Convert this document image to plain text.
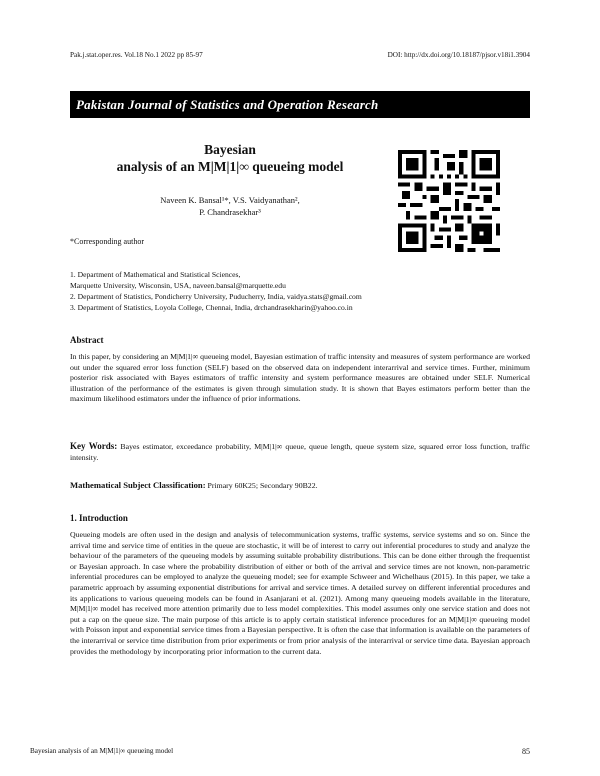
Pak.j.stat.oper.res. Vol.18 No.1 2022 pp 85-97	DOI: http://dx.doi.org/10.18187/pjsor.v18i1.3904
Pakistan Journal of Statistics and Operation Research
Bayesian
analysis of an M|M|1|∞ queueing model
Naveen K. Bansal¹*, V.S. Vaidyanathan²,
P. Chandrasekhar³
*Corresponding author
1. Department of Mathematical and Statistical Sciences,
Marquette University, Wisconsin, USA, naveen.bansal@marquette.edu
2. Department of Statistics, Pondicherry University, Puducherry, India, vaidya.stats@gmail.com
3. Department of Statistics, Loyola College, Chennai, India, drchandrasekharin@yahoo.co.in
Abstract
In this paper, by considering an M|M|1|∞ queueing model, Bayesian estimation of traffic intensity and measures of system performance are worked out under the squared error loss function (SELF) based on the observed data on independent interarrival and service times. Further, minimum posterior risk associated with Bayes estimators of traffic intensity and system performance measures are obtained under SELF. Numerical illustration of the performance of the estimates is given through simulation study. It is shown that Bayes estimators perform better than the maximum likelihood estimators under the influence of prior informations.
Key Words: Bayes estimator, exceedance probability, M|M|1|∞ queue, queue length, queue system size, squared error loss function, traffic intensity.
Mathematical Subject Classification: Primary 60K25; Secondary 90B22.
1. Introduction
Queueing models are often used in the design and analysis of telecommunication systems, traffic systems, service systems and so on. Since the arrival time and service time of entities in the queue are stochastic, it will be of interest to carry out inferential procedures to study and analyze the behaviour of the parameters of the queueing models by assuming suitable probability distributions. This can be done either through the frequentist or Bayesian approach. In case where the probability distribution of either or both of the arrival and service times are not known, non-parametric inferential procedures can be employed to analyze the queueing model; see for example Schweer and Wichelhaus (2015). In this paper, we take a parametric approach by assuming exponential distributions for arrival and service times. A detailed survey on different inferential procedures and its applications to various queueing models can be found in Asanjarani et al. (2021). Among many queueing models available in the literature, M|M|1|∞ model has received more attention primarily due to less model complexities. This model assumes only one service station and does not put a cap on the queue size. The main purpose of this article is to apply certain statistical inference procedures for an M|M|1|∞ queueing model with Poisson input and exponential service times from a Bayesian perspective. It is often the case that information is available on the parameters of the interarrival or service time distribution from prior experiments or from prior analysis of the interarrival or service time data. Bayesian approach provides the methodology by incorporating prior information to the current data.
Bayesian analysis of an M|M|1|∞ queueing model	85
